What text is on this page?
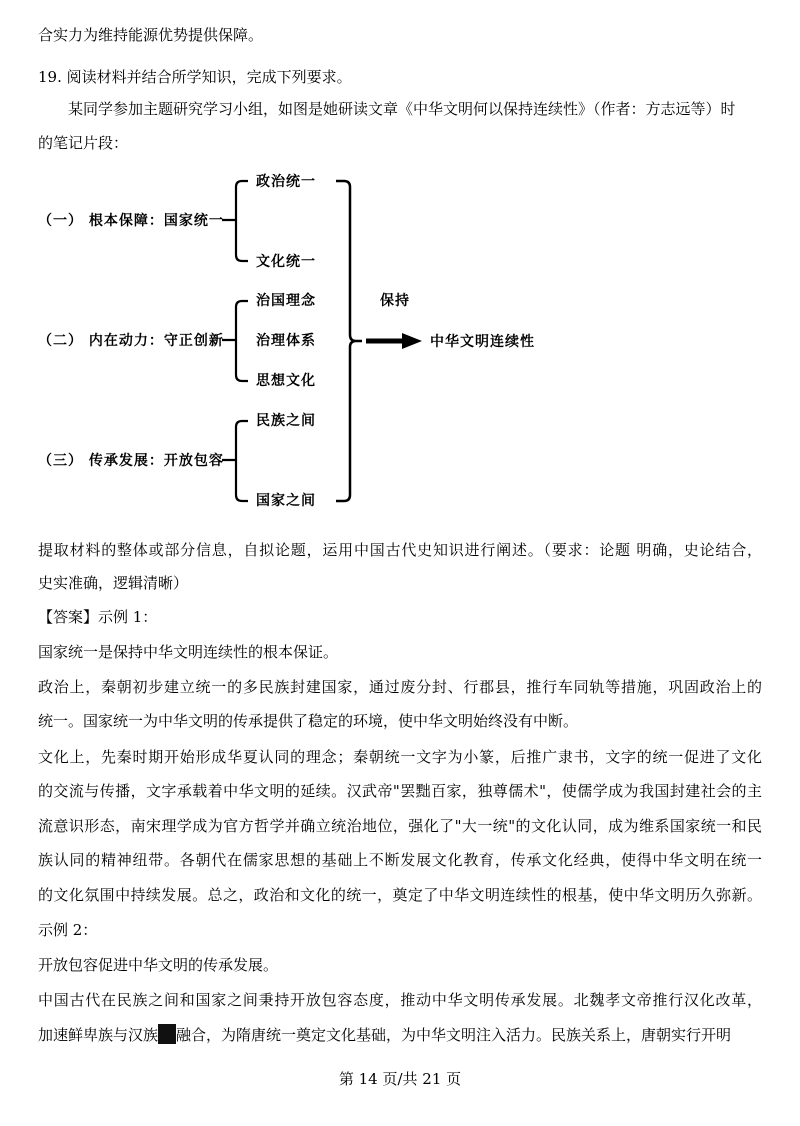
合实力为维持能源优势提供保障。
19. 阅读材料并结合所学知识，完成下列要求。
某同学参加主题研究学习小组，如图是她研读文章《中华文明何以保持连续性》（作者：方志远等）时
的笔记片段：
（一） 根本保障：国家统一
政治统一
文化统一
（二） 内在动力：守正创新
治国理念
治理体系
思想文化
（三） 传承发展：开放包容
民族之间
国家之间
保持
中华文明连续性
提取材料的整体或部分信息，自拟论题，运用中国古代史知识进行阐述。（要求：论题 明确，史论结合，
史实准确，逻辑清晰）
【答案】示例 1：
国家统一是保持中华文明连续性的根本保证。
政治上，秦朝初步建立统一的多民族封建国家，通过废分封、行郡县，推行车同轨等措施，巩固政治上的
统一。国家统一为中华文明的传承提供了稳定的环境，使中华文明始终没有中断。
文化上，先秦时期开始形成华夏认同的理念；秦朝统一文字为小篆，后推广隶书，文字的统一促进了文化
的交流与传播，文字承载着中华文明的延续。汉武帝"罢黜百家，独尊儒术"，使儒学成为我国封建社会的主
流意识形态，南宋理学成为官方哲学并确立统治地位，强化了"大一统"的文化认同，成为维系国家统一和民
族认同的精神纽带。各朝代在儒家思想的基础上不断发展文化教育，传承文化经典，使得中华文明在统一
的文化氛围中持续发展。总之，政治和文化的统一，奠定了中华文明连续性的根基，使中华文明历久弥新。
示例 2：
开放包容促进中华文明的传承发展。
中国古代在民族之间和国家之间秉持开放包容态度，推动中华文明传承发展。北魏孝文帝推行汉化改革，
加速鲜卑族与汉族 融合，为隋唐统一奠定文化基础，为中华文明注入活力。民族关系上，唐朝实行开明
第 14 页/共 21 页
